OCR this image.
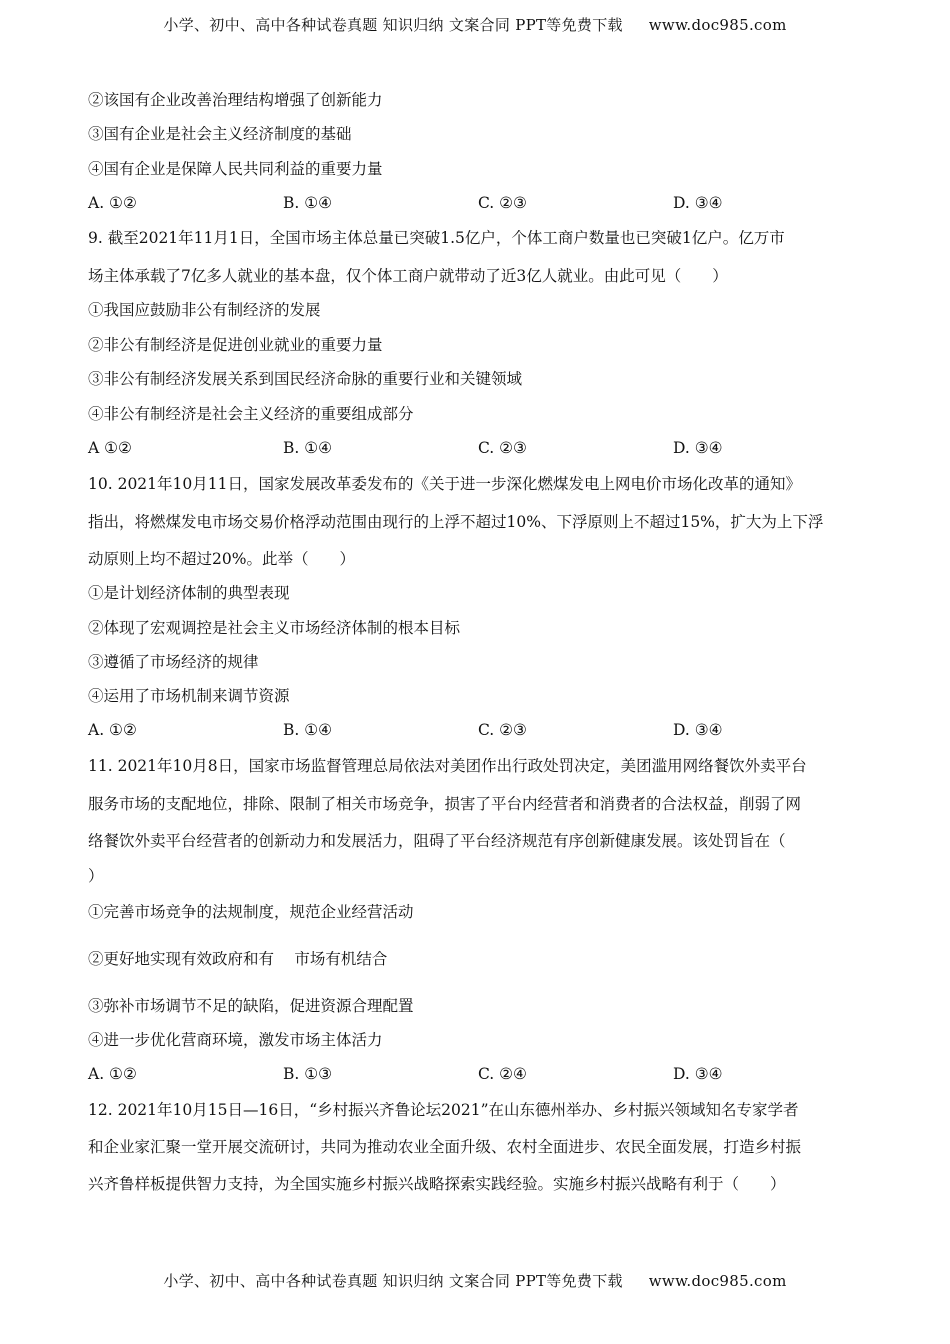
小学、初中、高中各种试卷真题 知识归纳 文案合同 PPT等免费下载 www.doc985.com
②该国有企业改善治理结构增强了创新能力
③国有企业是社会主义经济制度的基础
④国有企业是保障人民共同利益的重要力量
A. ①②	B. ①④	C. ②③	D. ③④
9. 截至2021年11月1日，全国市场主体总量已突破1.5亿户，个体工商户数量也已突破1亿户。亿万市
场主体承载了7亿多人就业的基本盘，仅个体工商户就带动了近3亿人就业。由此可见（　　）
①我国应鼓励非公有制经济的发展
②非公有制经济是促进创业就业的重要力量
③非公有制经济发展关系到国民经济命脉的重要行业和关键领域
④非公有制经济是社会主义经济的重要组成部分
A ①②	B. ①④	C. ②③	D. ③④
10. 2021年10月11日，国家发展改革委发布的《关于进一步深化燃煤发电上网电价市场化改革的通知》
指出，将燃煤发电市场交易价格浮动范围由现行的上浮不超过10%、下浮原则上不超过15%，扩大为上下浮
动原则上均不超过20%。此举（　　）
①是计划经济体制的典型表现
②体现了宏观调控是社会主义市场经济体制的根本目标
③遵循了市场经济的规律
④运用了市场机制来调节资源
A. ①②	B. ①④	C. ②③	D. ③④
11. 2021年10月8日，国家市场监督管理总局依法对美团作出行政处罚决定，美团滥用网络餐饮外卖平台
服务市场的支配地位，排除、限制了相关市场竞争，损害了平台内经营者和消费者的合法权益，削弱了网
络餐饮外卖平台经营者的创新动力和发展活力，阻碍了平台经济规范有序创新健康发展。该处罚旨在（
）
①完善市场竞争的法规制度，规范企业经营活动
②更好地实现有效政府和有　 市场有机结合
③弥补市场调节不足的缺陷，促进资源合理配置
④进一步优化营商环境，激发市场主体活力
A. ①②	B. ①③	C. ②④	D. ③④
12. 2021年10月15日—16日，“乡村振兴齐鲁论坛2021”在山东德州举办、乡村振兴领域知名专家学者
和企业家汇聚一堂开展交流研讨，共同为推动农业全面升级、农村全面进步、农民全面发展，打造乡村振
兴齐鲁样板提供智力支持，为全国实施乡村振兴战略探索实践经验。实施乡村振兴战略有利于（　　）
小学、初中、高中各种试卷真题 知识归纳 文案合同 PPT等免费下载 www.doc985.com
